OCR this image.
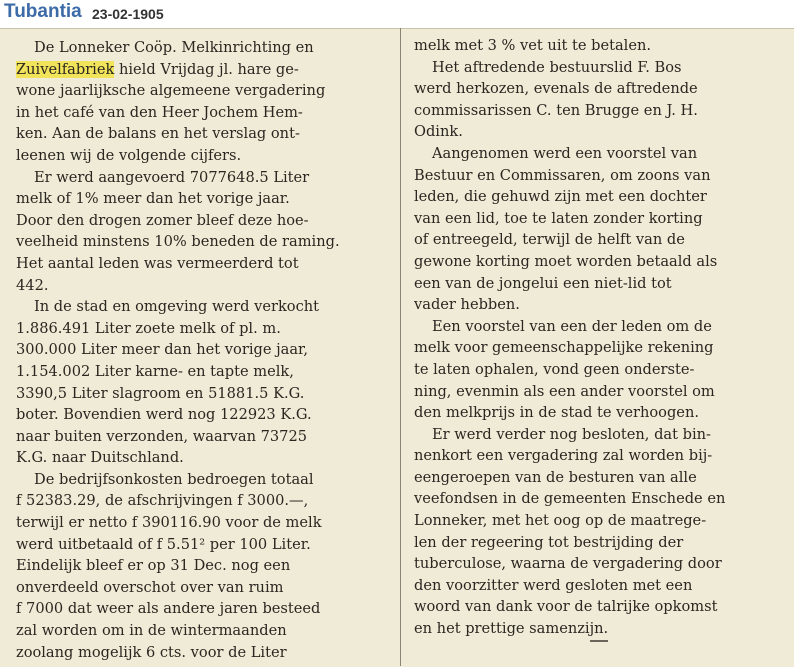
Tubantia 23-02-1905
De Lonneker Coöp. Melkinrichting en
Zuivelfabriek hield Vrijdag jl. hare ge-
wone jaarlijksche algemeene vergadering
in het café van den Heer Jochem Hem-
ken. Aan de balans en het verslag ont-
leenen wij de volgende cijfers.
Er werd aangevoerd 7077648.5 Liter
melk of 1% meer dan het vorige jaar.
Door den drogen zomer bleef deze hoe-
veelheid minstens 10% beneden de raming.
Het aantal leden was vermeerderd tot
442.
In de stad en omgeving werd verkocht
1.886.491 Liter zoete melk of pl. m.
300.000 Liter meer dan het vorige jaar,
1.154.002 Liter karne- en tapte melk,
3390,5 Liter slagroom en 51881.5 K.G.
boter. Bovendien werd nog 122923 K.G.
naar buiten verzonden, waarvan 73725
K.G. naar Duitschland.
De bedrijfsonkosten bedroegen totaal
f 52383.29, de afschrijvingen f 3000.—,
terwijl er netto f 390116.90 voor de melk
werd uitbetaald of f 5.51² per 100 Liter.
Eindelijk bleef er op 31 Dec. nog een
onverdeeld overschot over van ruim
f 7000 dat weer als andere jaren besteed
zal worden om in de wintermaanden
zoolang mogelijk 6 cts. voor de Liter
melk met 3 % vet uit te betalen.
Het aftredende bestuurslid F. Bos
werd herkozen, evenals de aftredende
commissarissen C. ten Brugge en J. H.
Odink.
Aangenomen werd een voorstel van
Bestuur en Commissaren, om zoons van
leden, die gehuwd zijn met een dochter
van een lid, toe te laten zonder korting
of entreegeld, terwijl de helft van de
gewone korting moet worden betaald als
een van de jongelui een niet-lid tot
vader hebben.
Een voorstel van een der leden om de
melk voor gemeenschappelijke rekening
te laten ophalen, vond geen onderste-
ning, evenmin als een ander voorstel om
den melkprijs in de stad te verhoogen.
Er werd verder nog besloten, dat bin-
nenkort een vergadering zal worden bij-
eengeroepen van de besturen van alle
veefondsen in de gemeenten Enschede en
Lonneker, met het oog op de maatrege-
len der regeering tot bestrijding der
tuberculose, waarna de vergadering door
den voorzitter werd gesloten met een
woord van dank voor de talrijke opkomst
en het prettige samenzijn.
